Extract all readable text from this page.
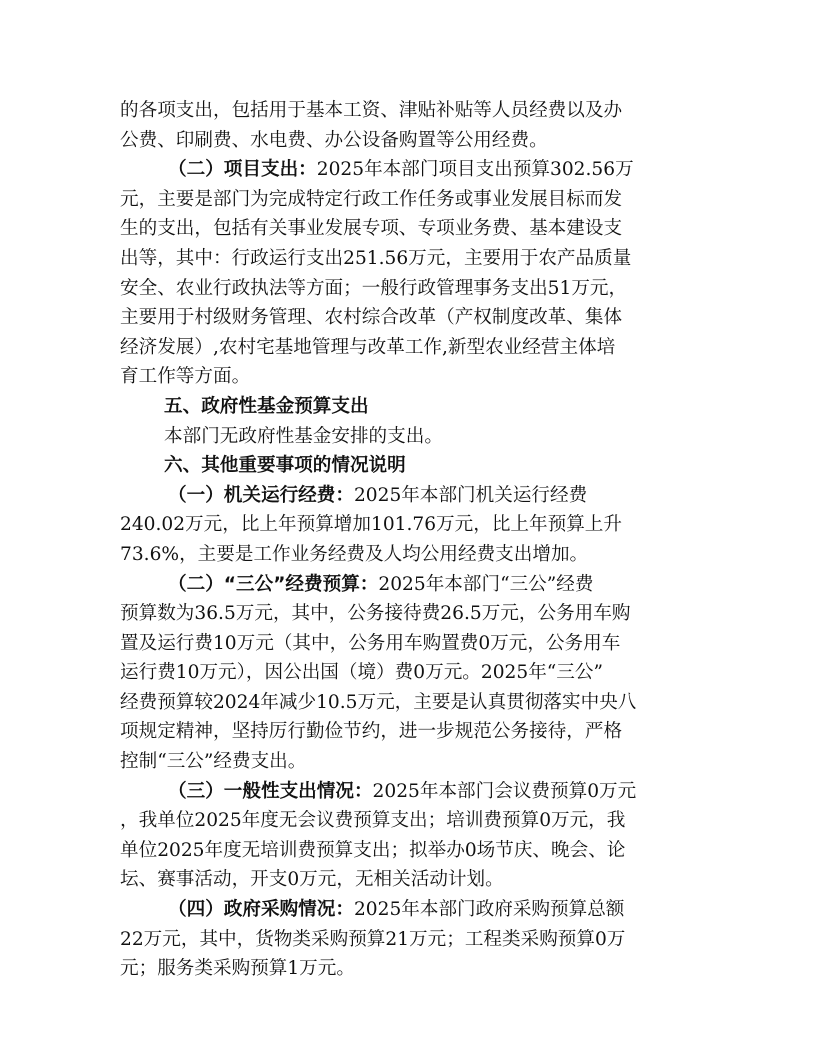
的各项支出，包括用于基本工资、津贴补贴等人员经费以及办
公费、印刷费、水电费、办公设备购置等公用经费。
（二）项目支出：2025年本部门项目支出预算302.56万
元，主要是部门为完成特定行政工作任务或事业发展目标而发
生的支出，包括有关事业发展专项、专项业务费、基本建设支
出等，其中：行政运行支出251.56万元，主要用于农产品质量
安全、农业行政执法等方面；一般行政管理事务支出51万元，
主要用于村级财务管理、农村综合改革（产权制度改革、集体
经济发展）,农村宅基地管理与改革工作,新型农业经营主体培
育工作等方面。
五、政府性基金预算支出
本部门无政府性基金安排的支出。
六、其他重要事项的情况说明
（一）机关运行经费：2025年本部门机关运行经费
240.02万元，比上年预算增加101.76万元，比上年预算上升
73.6%，主要是工作业务经费及人均公用经费支出增加。
（二）“三公”经费预算：2025年本部门“三公”经费
预算数为36.5万元，其中，公务接待费26.5万元，公务用车购
置及运行费10万元（其中，公务用车购置费0万元，公务用车
运行费10万元），因公出国（境）费0万元。2025年“三公”
经费预算较2024年减少10.5万元，主要是认真贯彻落实中央八
项规定精神，坚持厉行勤俭节约，进一步规范公务接待，严格
控制“三公”经费支出。
（三）一般性支出情况：2025年本部门会议费预算0万元
，我单位2025年度无会议费预算支出；培训费预算0万元，我
单位2025年度无培训费预算支出；拟举办0场节庆、晚会、论
坛、赛事活动，开支0万元，无相关活动计划。
（四）政府采购情况：2025年本部门政府采购预算总额
22万元，其中，货物类采购预算21万元；工程类采购预算0万
元；服务类采购预算1万元。
